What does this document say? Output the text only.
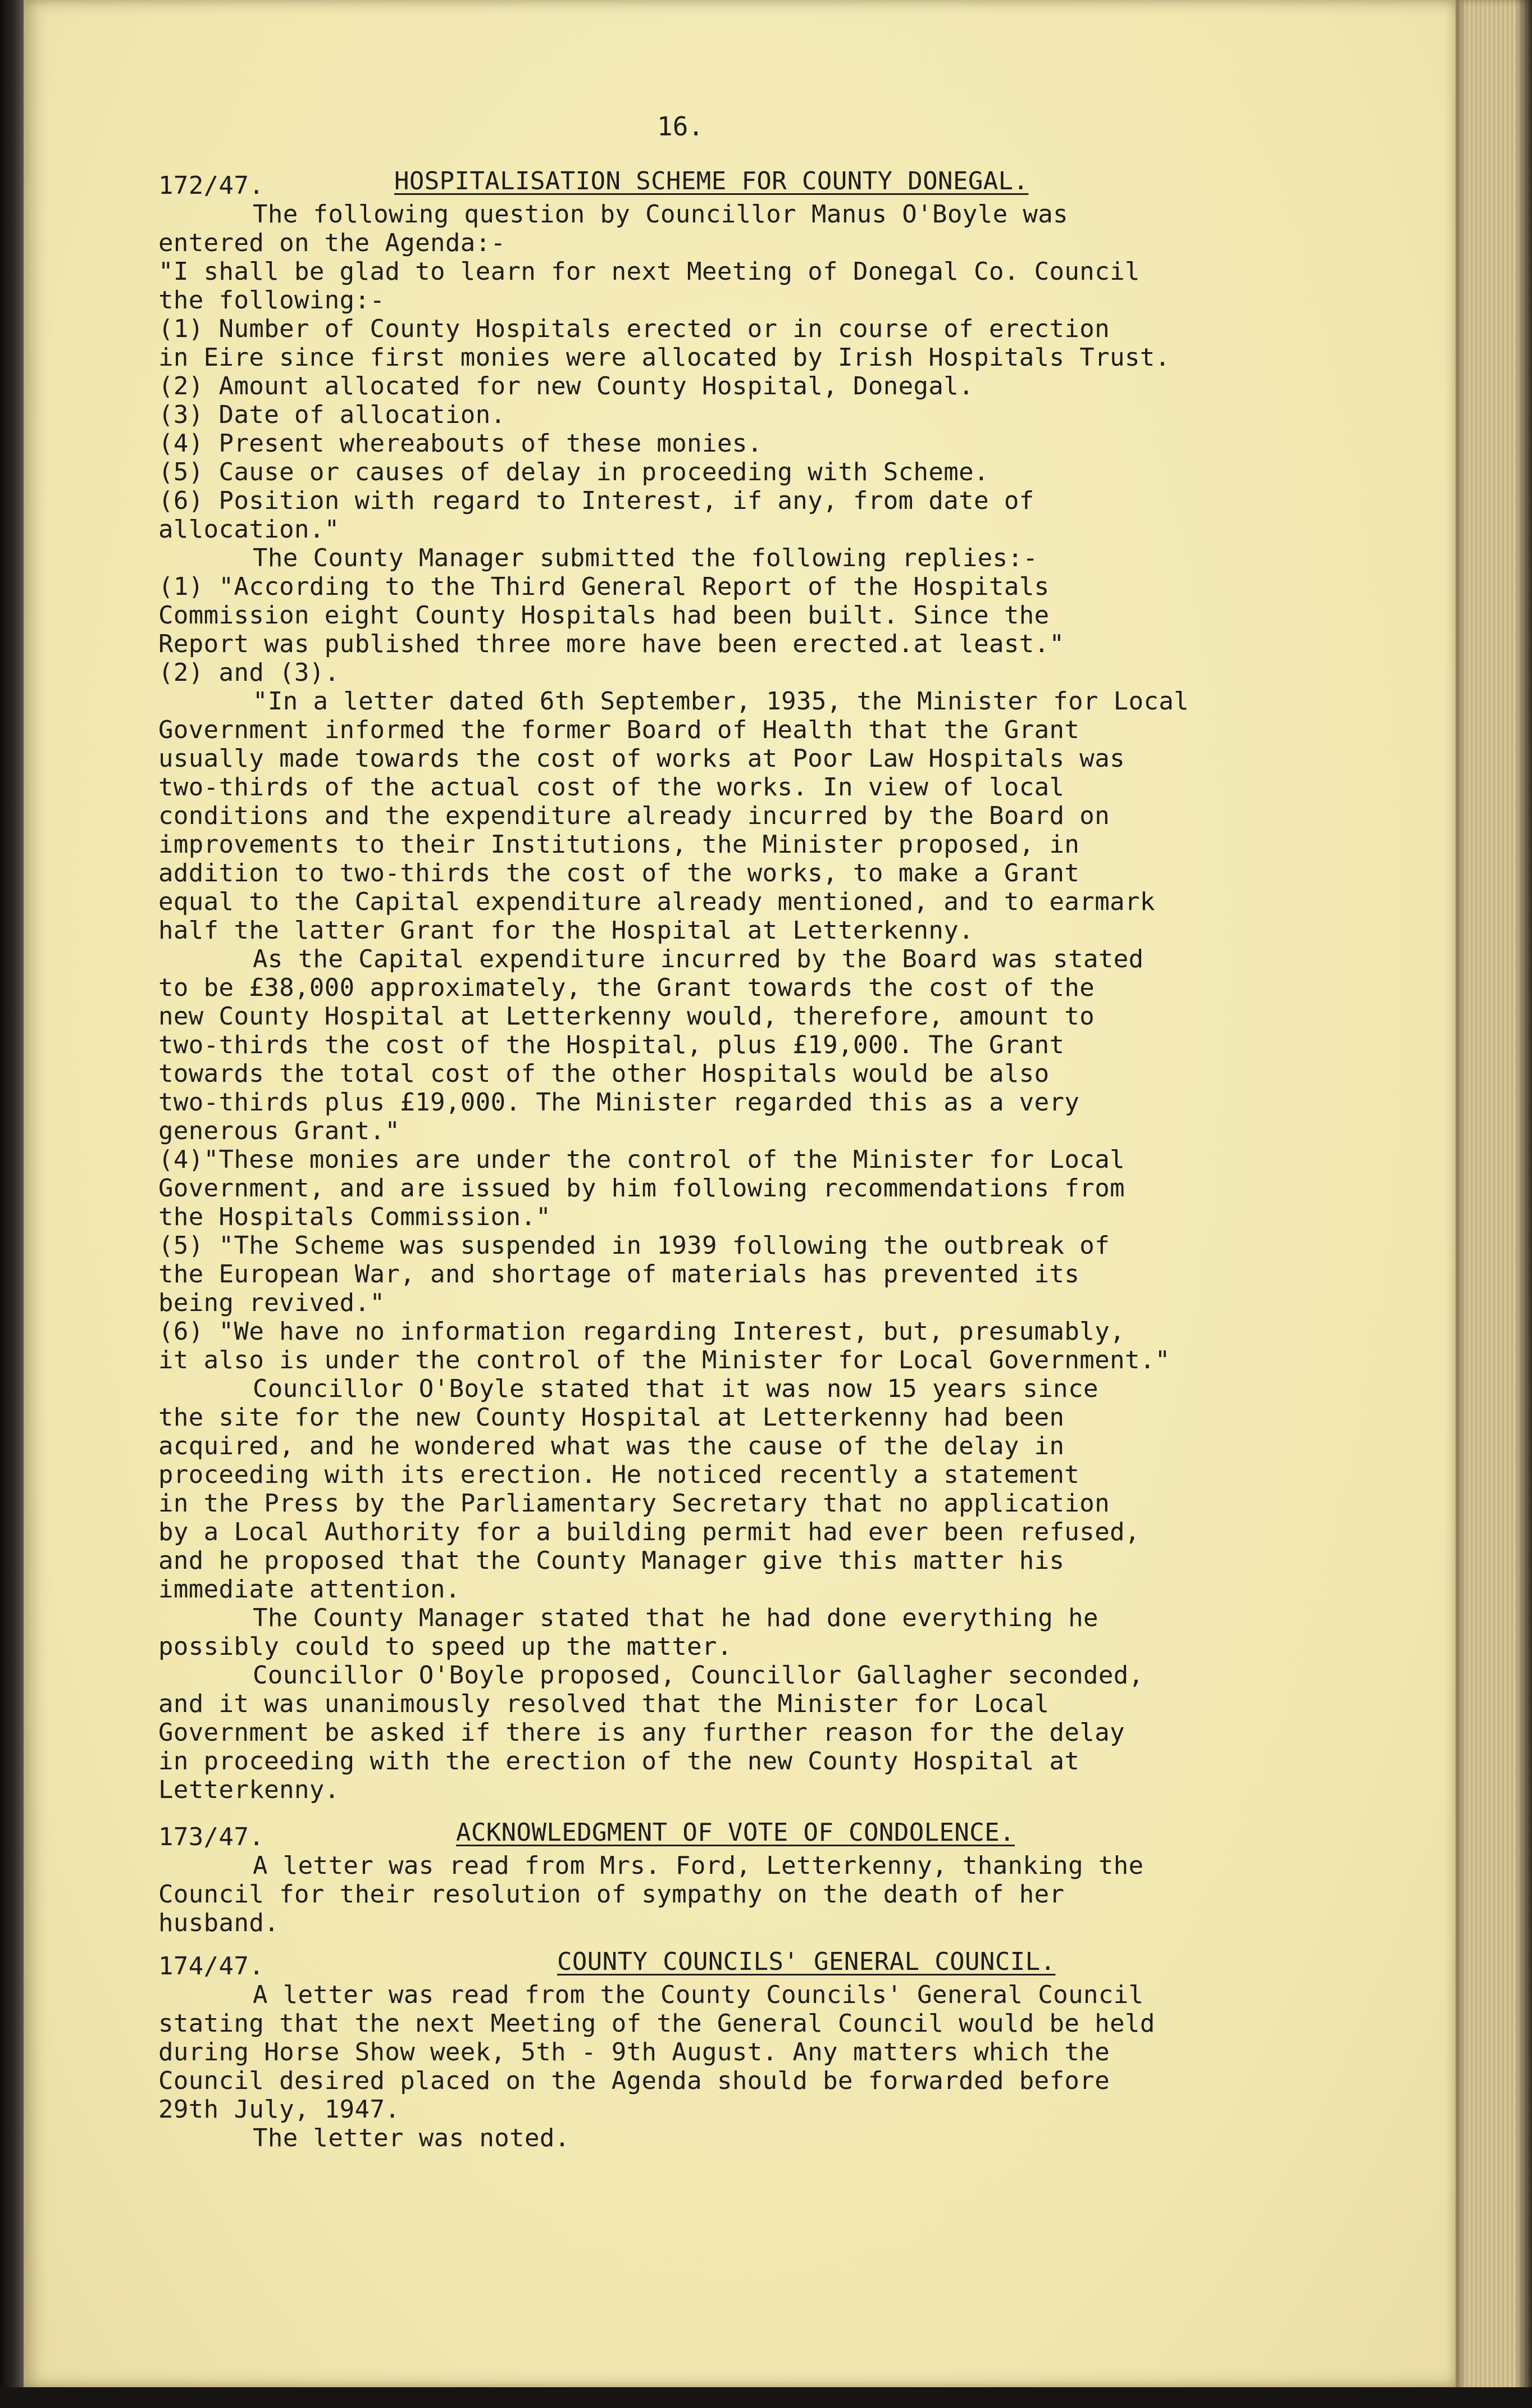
16.
172/47.	HOSPITALISATION SCHEME FOR COUNTY DONEGAL.
The following question by Councillor Manus O'Boyle was
entered on the Agenda:-
"I shall be glad to learn for next Meeting of Donegal Co. Council
the following:-
(1) Number of County Hospitals erected or in course of erection
in Eire since first monies were allocated by Irish Hospitals Trust.
(2) Amount allocated for new County Hospital, Donegal.
(3) Date of allocation.
(4) Present whereabouts of these monies.
(5) Cause or causes of delay in proceeding with Scheme.
(6) Position with regard to Interest, if any, from date of
allocation."
The County Manager submitted the following replies:-
(1) "According to the Third General Report of the Hospitals
Commission eight County Hospitals had been built. Since the
Report was published three more have been erected.at least."
(2) and (3).
"In a letter dated 6th September, 1935, the Minister for Local
Government informed the former Board of Health that the Grant
usually made towards the cost of works at Poor Law Hospitals was
two-thirds of the actual cost of the works. In view of local
conditions and the expenditure already incurred by the Board on
improvements to their Institutions, the Minister proposed, in
addition to two-thirds the cost of the works, to make a Grant
equal to the Capital expenditure already mentioned, and to earmark
half the latter Grant for the Hospital at Letterkenny.
As the Capital expenditure incurred by the Board was stated
to be £38,000 approximately, the Grant towards the cost of the
new County Hospital at Letterkenny would, therefore, amount to
two-thirds the cost of the Hospital, plus £19,000. The Grant
towards the total cost of the other Hospitals would be also
two-thirds plus £19,000. The Minister regarded this as a very
generous Grant."
(4)"These monies are under the control of the Minister for Local
Government, and are issued by him following recommendations from
the Hospitals Commission."
(5) "The Scheme was suspended in 1939 following the outbreak of
the European War, and shortage of materials has prevented its
being revived."
(6) "We have no information regarding Interest, but, presumably,
it also is under the control of the Minister for Local Government."
Councillor O'Boyle stated that it was now 15 years since
the site for the new County Hospital at Letterkenny had been
acquired, and he wondered what was the cause of the delay in
proceeding with its erection. He noticed recently a statement
in the Press by the Parliamentary Secretary that no application
by a Local Authority for a building permit had ever been refused,
and he proposed that the County Manager give this matter his
immediate attention.
The County Manager stated that he had done everything he
possibly could to speed up the matter.
Councillor O'Boyle proposed, Councillor Gallagher seconded,
and it was unanimously resolved that the Minister for Local
Government be asked if there is any further reason for the delay
in proceeding with the erection of the new County Hospital at
Letterkenny.
173/47.	ACKNOWLEDGMENT OF VOTE OF CONDOLENCE.
A letter was read from Mrs. Ford, Letterkenny, thanking the
Council for their resolution of sympathy on the death of her
husband.
174/47.	COUNTY COUNCILS' GENERAL COUNCIL.
A letter was read from the County Councils' General Council
stating that the next Meeting of the General Council would be held
during Horse Show week, 5th - 9th August. Any matters which the
Council desired placed on the Agenda should be forwarded before
29th July, 1947.
The letter was noted.
